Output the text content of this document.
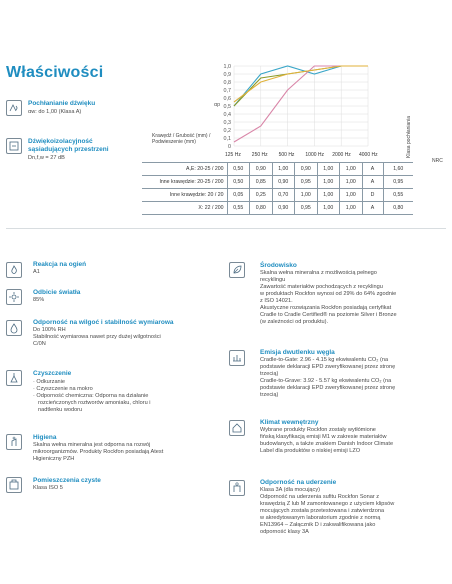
Właściwości
Pochłanianie dźwięku
αw: do 1,00 (Klasa A)
Dźwiękoizolacyjność
sąsiadujących przestrzeni
Dn,f,w = 27 dB
0
0,1
0,2
0,3
0,4
0,5
0,6
0,7
0,8
0,9
1,0
αp
Krawędź / Grubość (mm) / Podwieszenie (mm)	Klasa pochłaniania
NRC
A,E: 20-25 / 200	0,50	0,90	1,00	0,90	1,00	1,00	A	1,60
Inne krawędzie: 20-25 / 200	0,50	0,85	0,90	0,95	1,00	1,00	A	0,95
Inne krawędzie: 20 / 20	0,05	0,25	0,70	1,00	1,00	1,00	D	0,55
X: 22 / 200	0,55	0,80	0,90	0,95	1,00	1,00	A	0,80
Reakcja na ogień
A1
Odbicie światła
85%
Odporność na wilgoć i stabilność wymiarowa
Do 100% RH
Stabilność wymiarowa nawet przy dużej wilgotności
C/0N
Czyszczenie
· Odkurzanie
· Czyszczenie na mokro
· Odporność chemiczna: Odporna na działanie
rozcieńczonych roztworów amoniaku, chloru i
nadtlenku wodoru
Higiena
Skalna wełna mineralna jest odporna na rozwój
mikroorganizmów. Produkty Rockfon posiadają Atest
Higieniczny PZH
Pomieszczenia czyste
Klasa ISO 5
Środowisko
Skalna wełna mineralna z możliwością pełnego
recyklingu
Zawartość materiałów pochodzących z recyklingu
w produktach Rockfon wynosi od 29% do 64% zgodnie
z ISO 14021.
Akustyczne rozwiązania Rockfon posiadają certyfikat
Cradle to Cradle Certified® na poziomie Silver i Bronze
(w zależności od produktu).
Emisja dwutlenku węgla
Cradle-to-Gate: 2.96 - 4.15 kg ekwiwalentu CO₂ (na
podstawie deklaracji EPD zweryfikowanej przez stronę
trzecią)
Cradle-to-Grave: 3.92 - 5.57 kg ekwiwalentu CO₂ (na
podstawie deklaracji EPD zweryfikowanej przez stronę
trzecią)
Klimat wewnętrzny
Wybrane produkty Rockfon zostały wytłómione
fińską klasyfikacją emisji M1 w zakresie materiałów
budowlanych, a także znakiem Danish Indoor Climate
Label dla produktów o niskiej emisji LZO
Odporność na uderzenie
Klasa 3A (dla mocujący)
Odporność na uderzenia sufitu Rockfon Sonar z
krawędzią Z lub M zamontowanego z użyciem klipsów
mocujących została przetestowana i zatwierdzona
w akredytowanym laboratorium zgodnie z normą
EN13964 – Załącznik D i zakwalifikowana jako
odporność klasy 3A
125 Hz 250 Hz 500 Hz 1000 Hz 2000 Hz 4000 Hz
